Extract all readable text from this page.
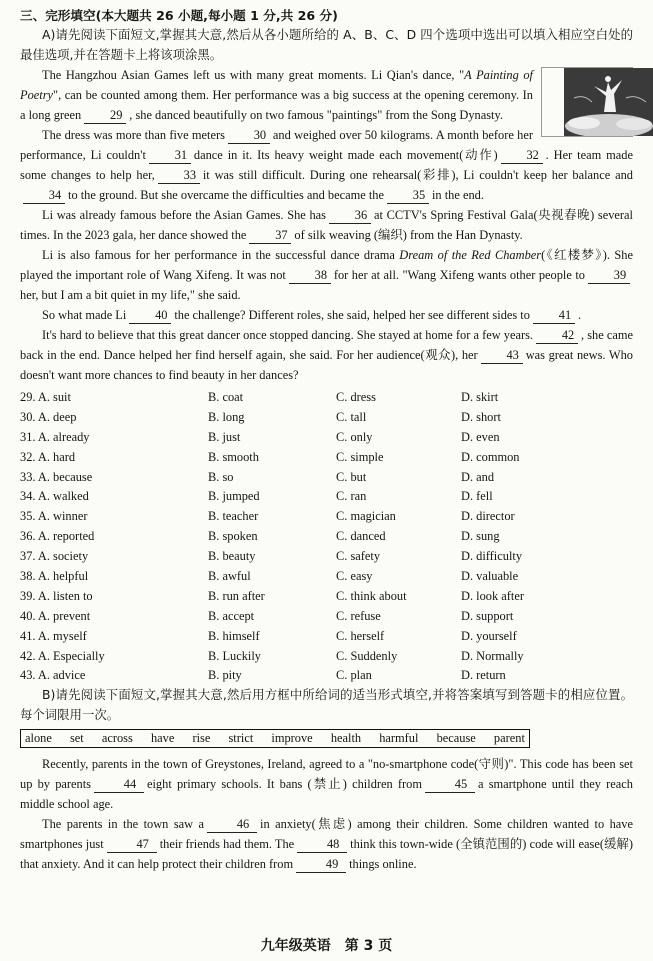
三、完形填空(本大题共 26 小题,每小题 1 分,共 26 分)

A)请先阅读下面短文,掌握其大意,然后从各小题所给的 A、B、C、D 四个选项中选出可以填入相应空白处的最佳选项,并在答题卡上将该项涂黑。

The Hangzhou Asian Games left us with many great moments. Li Qian's dance, "A Painting of Poetry", can be counted among them. Her performance was a big success at the opening ceremony. In a long green 29 , she danced beautifully on two famous "paintings" from the Song Dynasty.

The dress was more than five meters 30 and weighed over 50 kilograms. A month before her performance, Li couldn't 31 dance in it. Its heavy weight made each movement(动作) 32 . Her team made some changes to help her, 33 it was still difficult. During one rehearsal(彩排), Li couldn't keep her balance and34 to the ground. But she overcame the difficulties and became the 35 in the end.

Li was already famous before the Asian Games. She has 36 at CCTV's Spring Festival Gala(央视春晚) several times. In the 2023 gala, her dance showed the 37 of silk weaving (编织) from the Han Dynasty.

Li is also famous for her performance in the successful dance drama Dream of the Red Chamber(《红楼梦》). She played the important role of Wang Xifeng. It was not 38 for her at all. "Wang Xifeng wants other people to 39her, but I am a bit quiet in my life," she said.

So what made Li 40 the challenge? Different roles, she said, helped her see different sides to 41 .

It's hard to believe that this great dancer once stopped dancing. She stayed at home for a few years. 42 , she came back in the end. Dance helped her find herself again, she said. For her audience(观众), her 43 was great news. Who doesn't want more chances to find beauty in her dances?

29. A. suit	B. coat	C. dress	D. skirt
30. A. deep	B. long	C. tall	D. short
31. A. already	B. just	C. only	D. even
32. A. hard	B. smooth	C. simple	D. common
33. A. because	B. so	C. but	D. and
34. A. walked	B. jumped	C. ran	D. fell
35. A. winner	B. teacher	C. magician	D. director
36. A. reported	B. spoken	C. danced	D. sung
37. A. society	B. beauty	C. safety	D. difficulty
38. A. helpful	B. awful	C. easy	D. valuable
39. A. listen to	B. run after	C. think about	D. look after
40. A. prevent	B. accept	C. refuse	D. support
41. A. myself	B. himself	C. herself	D. yourself
42. A. Especially	B. Luckily	C. Suddenly	D. Normally
43. A. advice	B. pity	C. plan	D. return

B)请先阅读下面短文,掌握其大意,然后用方框中所给词的适当形式填空,并将答案填写到答题卡的相应位置。每个词限用一次。

alone set across have rise strict improve health harmful because parent

Recently, parents in the town of Greystones, Ireland, agreed to a "no-smartphone code(守则)". This code has been set up by parents	44 eight primary schools. It bans (禁止) children from	45 a smartphone until they reach middle school age.

The parents in the town saw a	46 in anxiety(焦虑) among their children. Some children wanted to have smartphones just	47 their friends had them. The	48 think this town-wide (全镇范围的) code will ease(缓解) that anxiety. And it can help protect their children from	49 things online.

九年级英语　第 3 页
